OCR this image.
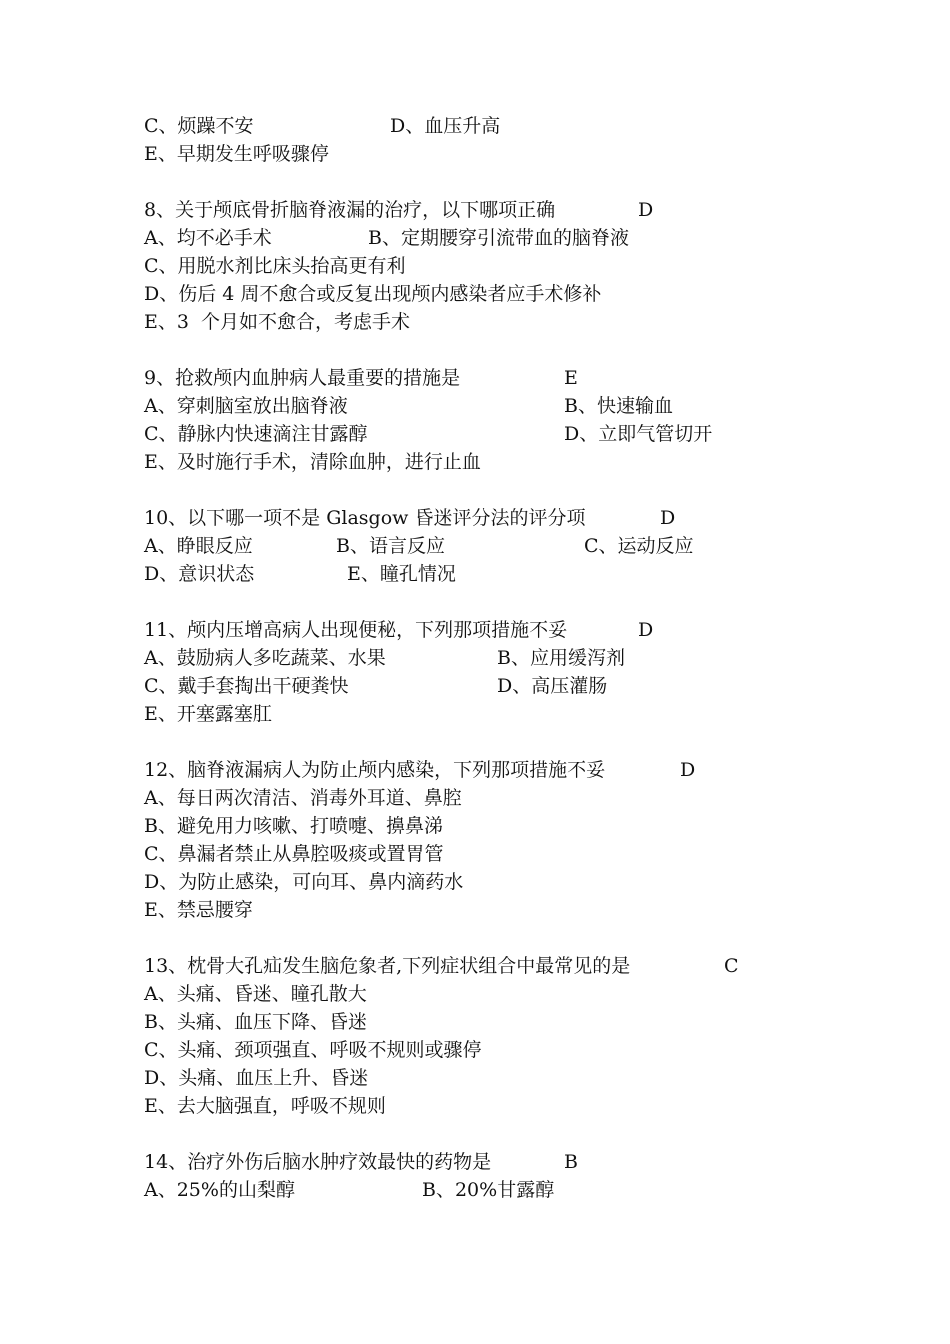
C、烦躁不安

	D、血压升高

E、早期发生呼吸骤停

8、关于颅底骨折脑脊液漏的治疗，以下哪项正确

	D

A、均不必手术

	B、定期腰穿引流带血的脑脊液

C、用脱水剂比床头抬高更有利

D、伤后 4 周不愈合或反复出现颅内感染者应手术修补

E、3  个月如不愈合，考虑手术

9、抢救颅内血肿病人最重要的措施是

	E

A、穿刺脑室放出脑脊液

	B、快速输血

C、静脉内快速滴注甘露醇

	D、立即气管切开

E、及时施行手术，清除血肿，进行止血

10、以下哪一项不是 Glasgow 昏迷评分法的评分项

	D

A、睁眼反应

	B、语言反应

	C、运动反应

D、意识状态

	E、瞳孔情况

11、颅内压增高病人出现便秘，下列那项措施不妥

	D

A、鼓励病人多吃蔬菜、水果

	B、应用缓泻剂

C、戴手套掏出干硬粪快

	D、高压灌肠

E、开塞露塞肛

12、脑脊液漏病人为防止颅内感染，下列那项措施不妥

	D

A、每日两次清洁、消毒外耳道、鼻腔

B、避免用力咳嗽、打喷嚏、擤鼻涕

C、鼻漏者禁止从鼻腔吸痰或置胃管

D、为防止感染，可向耳、鼻内滴药水

E、禁忌腰穿

13、枕骨大孔疝发生脑危象者,下列症状组合中最常见的是

	C

A、头痛、昏迷、瞳孔散大

B、头痛、血压下降、昏迷

C、头痛、颈项强直、呼吸不规则或骤停

D、头痛、血压上升、昏迷

E、去大脑强直，呼吸不规则

14、治疗外伤后脑水肿疗效最快的药物是

	B

A、25%的山梨醇

	B、20%甘露醇
